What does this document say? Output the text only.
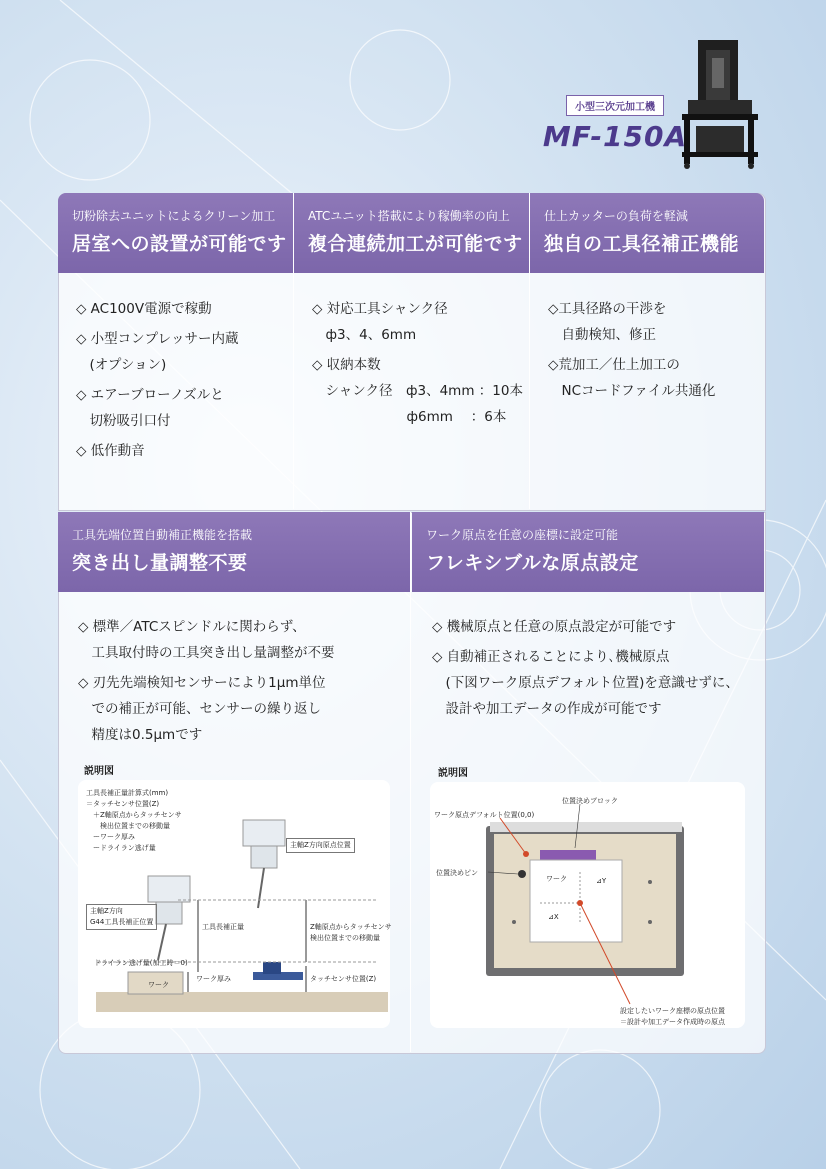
小型三次元加工機
MF-150A
切粉除去ユニットによるクリーン加工
居室への設置が可能です
ATCユニット搭載により稼働率の向上
複合連続加工が可能です
仕上カッターの負荷を軽減
独自の工具径補正機能
◇ AC100V電源で稼動
◇ 小型コンプレッサー内蔵
　(オプション)
◇ エアーブローノズルと
　切粉吸引口付
◇ 低作動音
◇ 対応工具シャンク径
　ф3、4、6mm
◇ 収納本数
　シャンク径　ф3、4mm ：10本
　　　　　　　ф6mm　 ：6本
◇工具径路の干渉を
　自動検知、修正
◇荒加工／仕上加工の
　NCコードファイル共通化
工具先端位置自動補正機能を搭載
突き出し量調整不要
ワーク原点を任意の座標に設定可能
フレキシブルな原点設定
◇ 標準／ATCスピンドルに関わらず、
　工具取付時の工具突き出し量調整が不要
◇ 刃先先端検知センサーにより1μm単位
　での補正が可能、センサーの繰り返し
　精度は0.5μmです
◇ 機械原点と任意の原点設定が可能です
◇ 自動補正されることにより､機械原点
　(下図ワーク原点デフォルト位置)を意識せずに、
　設計や加工データの作成が可能です
説明図	説明図
工具長補正量計算式(mm)
＝タッチセンサ位置(Z)
　＋Z軸原点からタッチセンサ
　　検出位置までの移動量
　ーワーク厚み
　ードライラン逃げ量	主軸Z方向原点位置
主軸Z方向
G44工具長補正位置
工具長補正量	Z軸原点からタッチセンサ
検出位置までの移動量
ドライラン逃げ量(加工時＝0)
ワーク厚み
ワーク
タッチセンサ位置(Z)
位置決めブロック
ワーク原点デフォルト位置(0,0)
位置決めピン
ワーク	⊿Y
⊿X
設定したいワーク座標の原点位置
＝設計や加工データ作成時の原点
